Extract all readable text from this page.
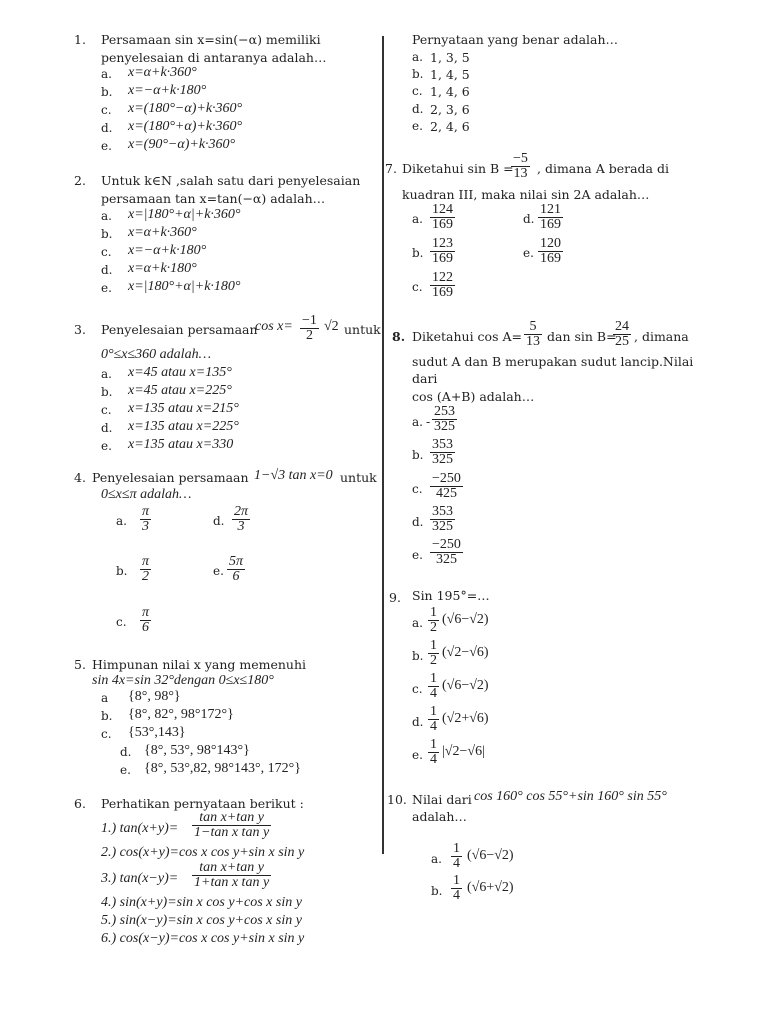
1. Persamaan sin x=sin(−α) memiliki
penyelesaian di antaranya adalah…
a. x=α+k·360°
b. x=−α+k·180°
c. x=(180°−α)+k·360°
d. x=(180°+α)+k·360°
e. x=(90°−α)+k·360°
2. Untuk k∈N ,salah satu dari penyelesaian
persamaan tan x=tan(−α) adalah…
a. x=|180°+α|+k·360°
b. x=α+k·360°
c. x=−α+k·180°
d. x=α+k·180°
e. x=|180°+α|+k·180°
3. Penyelesaian persamaan
$\cos x= \frac{-1}{2} √2$ untuk
0°≤x≤360 adalah…
a. x=45 atau x=135°
b. x=45 atau x=225°
c. x=135 atau x=215°
d. x=135 atau x=225°
e. x=135 atau x=330
4. Penyelesaian persamaan 1−√3 tan x=0 untuk
0≤x≤π adalah…
a. $\frac{\pi}{3}$
b. $\frac{\pi}{2}$
c. $\frac{\pi}{6}$
d. $\frac{2\pi}{3}$
e. $\frac{5\pi}{6}$
5. Himpunan nilai x yang memenuhi
sin 4x=sin 32°dengan 0≤x≤180°
a {8°, 98°}
b. {8°, 82°, 98°172°}
c. {53°,143}
d. {8°, 53°, 98°143°}
e. {8°, 53°,82, 98°143°, 172°}
6. Perhatikan pernyataan berikut :
1.) $\tan(x+y)= \frac{\text{tan x+tan y}}{\text{1−tan x tan y}}$
2.) cos(x+y)=cos x cos y+sin x sin y
3.) $\tan(x-y)= \frac{\text{tan x+tan y}}{\text{1+tan x tan y}}$
4.) sin(x+y)=sin x cos y+cos x sin y
5.) sin(x−y)=sin x cos y+cos x sin y
6.) cos(x−y)=cos x cos y+sin x sin y
Pernyataan yang benar adalah…
a. 1, 3, 5
b. 1, 4, 5
c. 1, 4, 6
d. 2, 3, 6
e. 2, 4, 6
7. Diketahui sin B =
$\frac{-5}{13}$ , dimana A berada di
kuadran III, maka nilai sin 2A adalah…
a. $\frac{124}{169}$
b. $\frac{123}{169}$
c. $\frac{122}{169}$
d. $\frac{121}{169}$
e. $\frac{120}{169}$
8. Diketahui $\cos A= \frac{5}{13}$ dan sin B=
$\frac{24}{25}$ , dimana
sudut A dan B merupakan sudut lancip.Nilai
dari
cos (A+B) adalah…
a. - $\frac{253}{325}$
b. $\frac{353}{325}$
c. $\frac{-250}{425}$
d. $\frac{353}{325}$
e. $\frac{-250}{325}$
9. Sin 195°=…
a. $\frac{1}{2} (√6-√2)$
b. $\frac{1}{2} (√2-√6)$
c. $\frac{1}{4} (√6-√2)$
d. $\frac{1}{4} (√2+√6)$
e. $\frac{1}{4} |√2-√6|$
10. Nilai dari cos 160° cos 55°+sin 160° sin 55°
adalah…
a. $\frac{1}{4} (√6-√2)$
b. $\frac{1}{4} (√6+√2)$
